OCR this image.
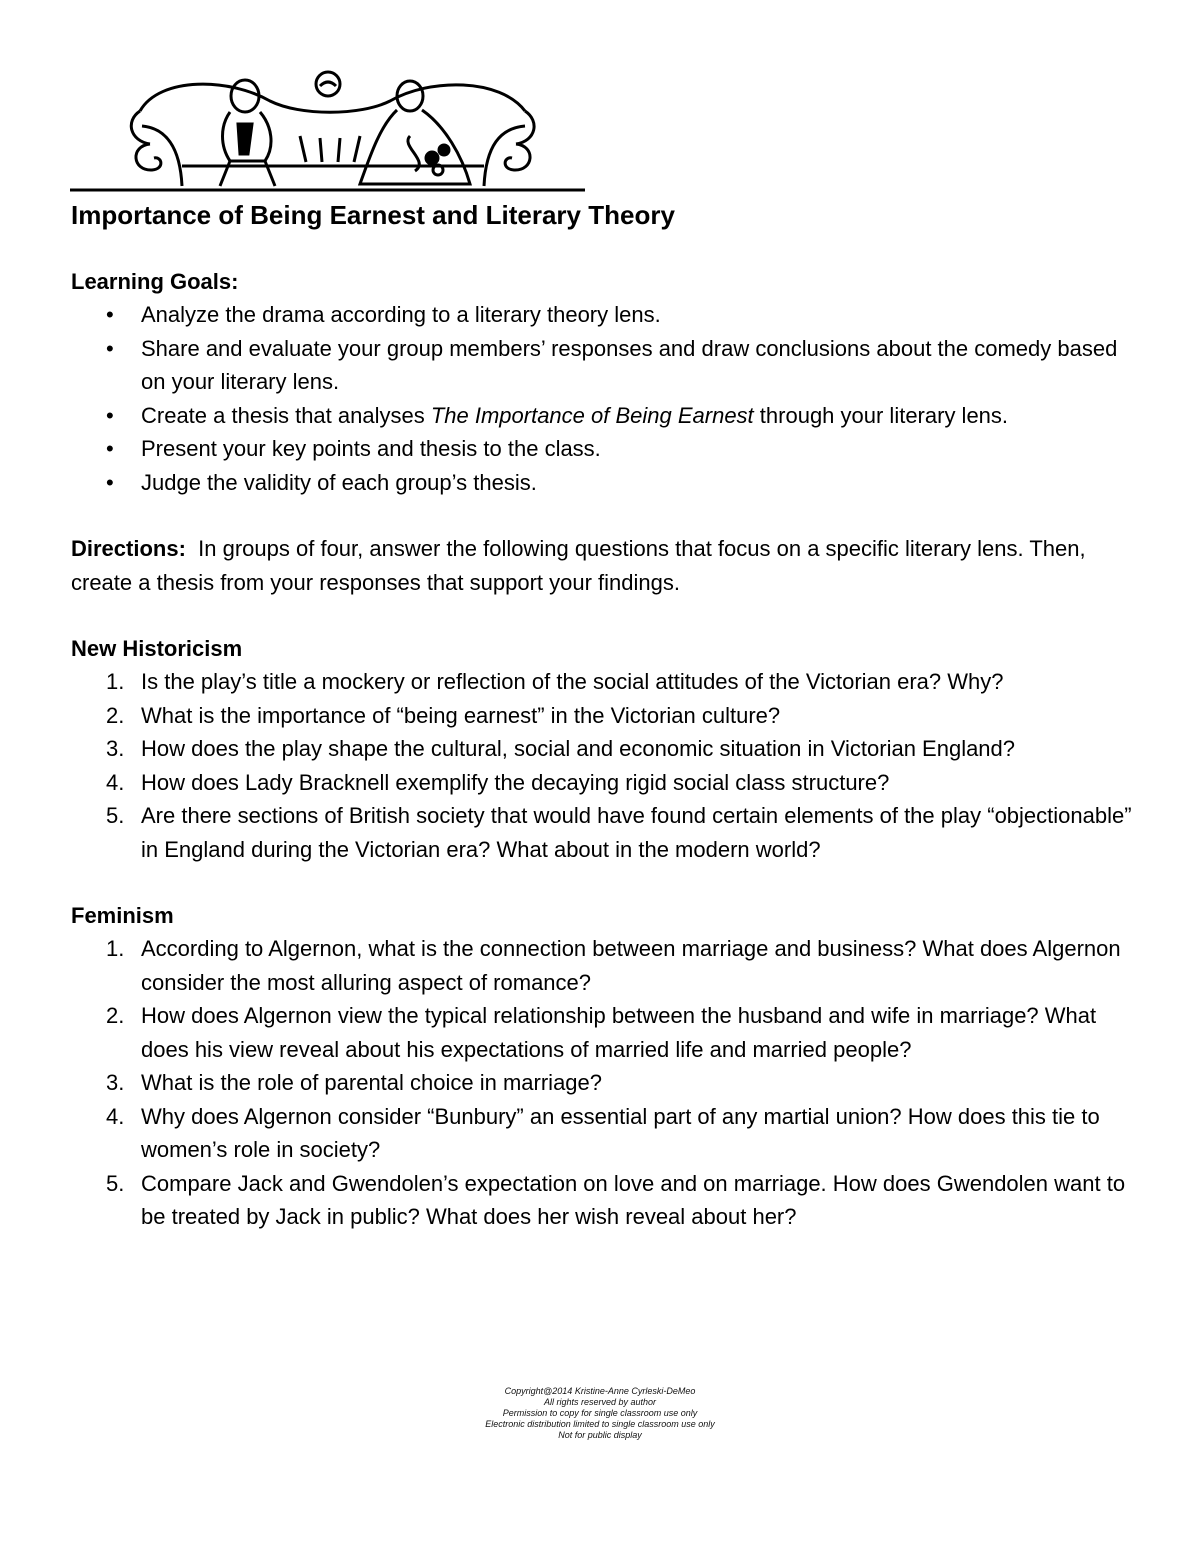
Importance of Being Earnest and Literary Theory
Learning Goals:
• Analyze the drama according to a literary theory lens.
• Share and evaluate your group members’ responses and draw conclusions about the comedy based on your literary lens.
• Create a thesis that analyses The Importance of Being Earnest through your literary lens.
• Present your key points and thesis to the class.
• Judge the validity of each group’s thesis.
Directions: In groups of four, answer the following questions that focus on a specific literary lens. Then, create a thesis from your responses that support your findings.
New Historicism
1. Is the play’s title a mockery or reflection of the social attitudes of the Victorian era? Why?
2. What is the importance of “being earnest” in the Victorian culture?
3. How does the play shape the cultural, social and economic situation in Victorian England?
4. How does Lady Bracknell exemplify the decaying rigid social class structure?
5. Are there sections of British society that would have found certain elements of the play “objectionable” in England during the Victorian era? What about in the modern world?
Feminism
1. According to Algernon, what is the connection between marriage and business? What does Algernon consider the most alluring aspect of romance?
2. How does Algernon view the typical relationship between the husband and wife in marriage? What does his view reveal about his expectations of married life and married people?
3. What is the role of parental choice in marriage?
4. Why does Algernon consider “Bunbury” an essential part of any martial union? How does this tie to women’s role in society?
5. Compare Jack and Gwendolen’s expectation on love and on marriage. How does Gwendolen want to be treated by Jack in public? What does her wish reveal about her?
Copyright@2014 Kristine-Anne Cyrleski-DeMeo
All rights reserved by author
Permission to copy for single classroom use only
Electronic distribution limited to single classroom use only
Not for public display
